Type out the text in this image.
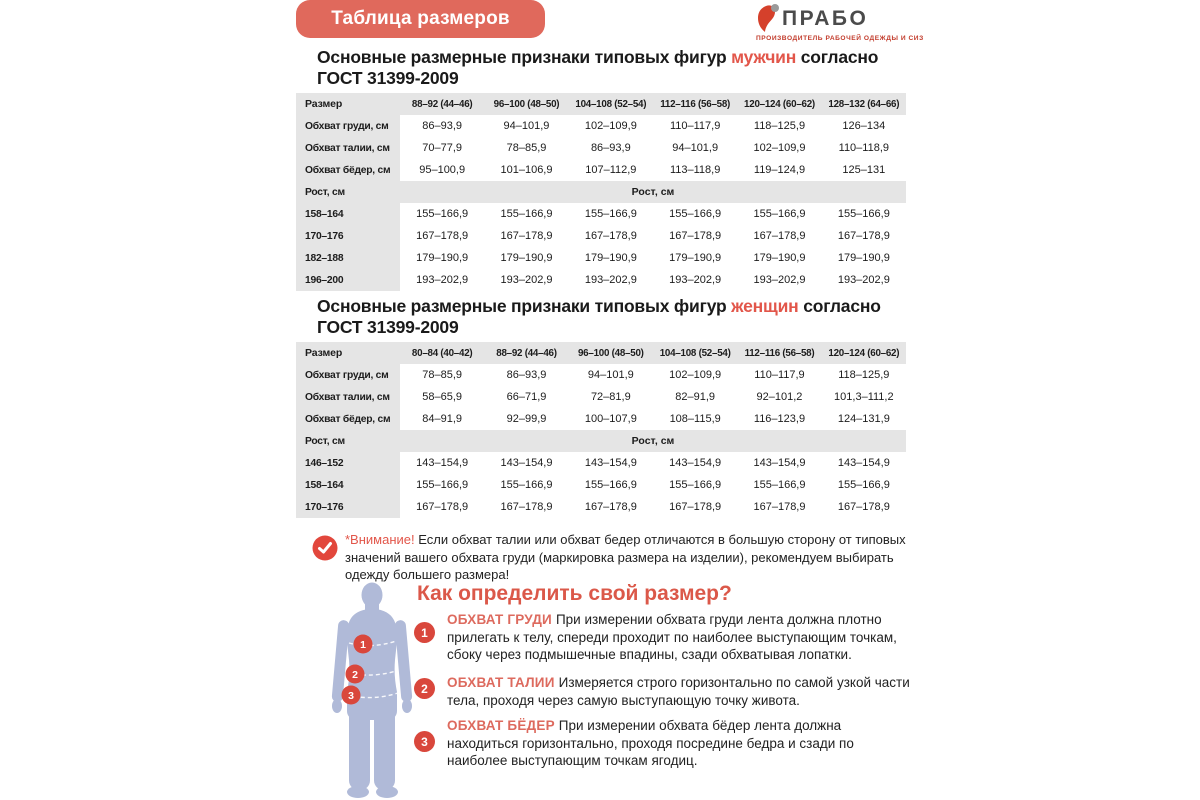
Таблица размеров	ПРАБО
ПРОИЗВОДИТЕЛЬ РАБОЧЕЙ ОДЕЖДЫ И СИЗ
Основные размерные признаки типовых фигур мужчин согласно
ГОСТ 31399-2009
Размер	88–92 (44–46)	96–100 (48–50)	104–108 (52–54)	112–116 (56–58)	120–124 (60–62)	128–132 (64–66)
Обхват груди, см	86–93,9	94–101,9	102–109,9	110–117,9	118–125,9	126–134
Обхват талии, см	70–77,9	78–85,9	86–93,9	94–101,9	102–109,9	110–118,9
Обхват бёдер, см	95–100,9	101–106,9	107–112,9	113–118,9	119–124,9	125–131
Рост, см	Рост, см
158–164	155–166,9	155–166,9	155–166,9	155–166,9	155–166,9	155–166,9
170–176	167–178,9	167–178,9	167–178,9	167–178,9	167–178,9	167–178,9
182–188	179–190,9	179–190,9	179–190,9	179–190,9	179–190,9	179–190,9
196–200	193–202,9	193–202,9	193–202,9	193–202,9	193–202,9	193–202,9
Основные размерные признаки типовых фигур женщин согласно
ГОСТ 31399-2009
Размер	80–84 (40–42)	88–92 (44–46)	96–100 (48–50)	104–108 (52–54)	112–116 (56–58)	120–124 (60–62)
Обхват груди, см	78–85,9	86–93,9	94–101,9	102–109,9	110–117,9	118–125,9
Обхват талии, см	58–65,9	66–71,9	72–81,9	82–91,9	92–101,2	101,3–111,2
Обхват бёдер, см	84–91,9	92–99,9	100–107,9	108–115,9	116–123,9	124–131,9
Рост, см	Рост, см
146–152	143–154,9	143–154,9	143–154,9	143–154,9	143–154,9	143–154,9
158–164	155–166,9	155–166,9	155–166,9	155–166,9	155–166,9	155–166,9
170–176	167–178,9	167–178,9	167–178,9	167–178,9	167–178,9	167–178,9
*Внимание! Если обхват талии или обхват бедер отличаются в большую сторону от типовых значений вашего обхвата груди (маркировка размера на изделии), рекомендуем выбирать одежду большего размера!
Как определить свой размер?
1
2
3
1
ОБХВАТ ГРУДИ При измерении обхвата груди лента должна плотно прилегать к телу, спереди проходит по наиболее выступающим точкам, сбоку через подмышечные впадины, сзади обхватывая лопатки.
2	ОБХВАТ ТАЛИИ Измеряется строго горизонтально по самой узкой части тела, проходя через самую выступающую точку живота.
3
ОБХВАТ БЁДЕР При измерении обхвата бёдер лента должна находиться горизонтально, проходя посредине бедра и сзади по наиболее выступающим точкам ягодиц.
